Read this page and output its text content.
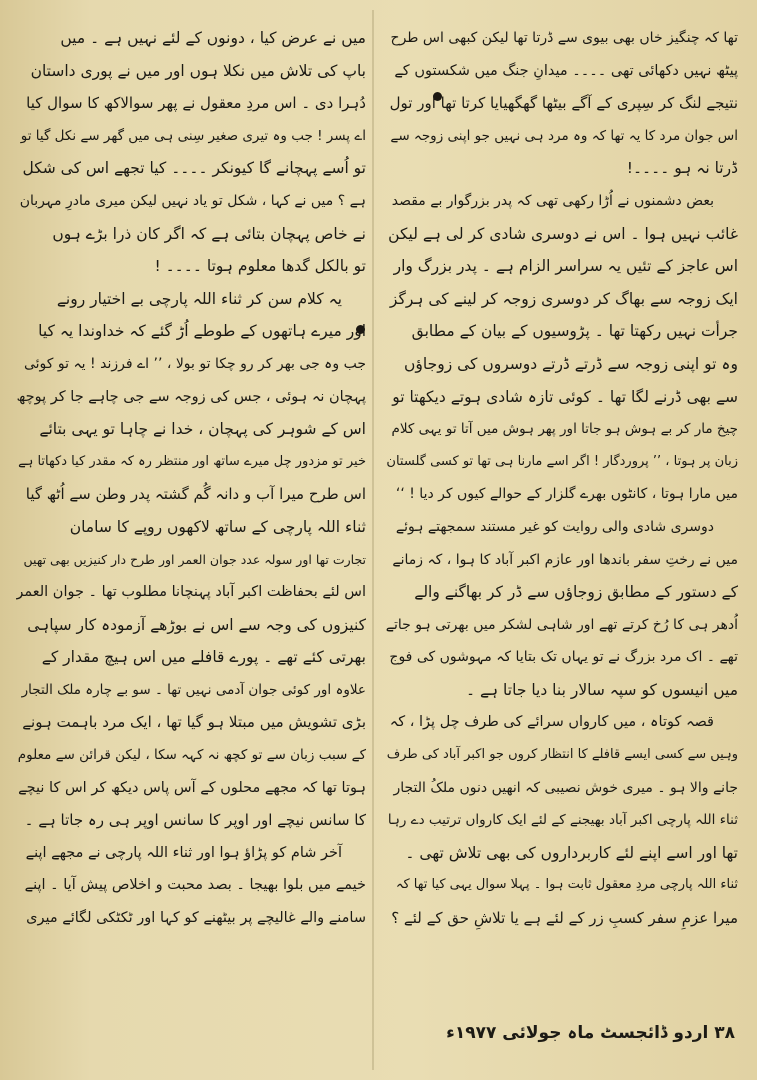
تھا کہ چنگیز خاں بھی بیوی سے ڈرتا تھا لیکن کبھی اس طرح
پیٹھ نہیں دکھائی تھی ۔۔۔۔ میدانِ جنگ میں شکستوں کے
نتیجے لنگ کر سِپری کے آگے بیٹھا گھگھیایا کرتا تھا اور تول
اس جوان مرد کا یہ تھا کہ وہ مرد ہی نہیں جو اپنی زوجہ سے
ڈرتا نہ ہو ۔۔۔۔!
بعض دشمنوں نے اُڑا رکھی تھی کہ پدر بزرگوار بے مقصد
غائب نہیں ہوا ۔ اس نے دوسری شادی کر لی ہے لیکن
اس عاجز کے تئیں یہ سراسر الزام ہے ۔ پدر بزرگ وار
ایک زوجہ سے بھاگ کر دوسری زوجہ کر لینے کی ہرگز
جرأت نہیں رکھتا تھا ۔ پڑوسیوں کے بیان کے مطابق
وہ تو اپنی زوجہ سے ڈرتے ڈرتے دوسروں کی زوجاؤں
سے بھی ڈرنے لگا تھا ۔ کوئی تازہ شادی ہوتے دیکھتا تو
چیخ مار کر بے ہوش ہو جاتا اور پھر ہوش میں آتا تو یہی کلام
زبان پر ہوتا ، ’’ پروردگار ! اگر اسے مارنا ہی تھا تو کسی گلستان
میں مارا ہوتا ، کانٹوں بھرے گلزار کے حوالے کیوں کر دیا ! ‘‘
دوسری شادی والی روایت کو غیر مستند سمجھتے ہوئے
میں نے رختِ سفر باندھا اور عازم اکبر آباد کا ہوا ، کہ زمانے
کے دستور کے مطابق زوجاؤں سے ڈر کر بھاگنے والے
اُدھر ہی کا رُخ کرتے تھے اور شاہی لشکر میں بھرتی ہو جاتے
تھے ۔ اک مرد بزرگ نے تو یہاں تک بتایا کہ مہوشوں کی فوج
میں انیسوں کو سپہ سالار بنا دیا جاتا ہے ۔
قصہ کوتاہ ، میں کارواں سرائے کی طرف چل پڑا ، کہ
وہیں سے کسی ایسے قافلے کا انتظار کروں جو اکبر آباد کی طرف
جانے والا ہو ۔ میری خوش نصیبی کہ انھیں دنوں ملکُ التجار
ثناء اللہ پارچی اکبر آباد بھیجنے کے لئے ایک کارواں ترتیب دے رہا
تھا اور اسے اپنے لئے کاربرداروں کی بھی تلاش تھی ۔
ثناء اللہ پارچی مردِ معقول ثابت ہوا ۔ پہلا سوال یہی کیا تھا کہ
میرا عزمِ سفر کسبِ زر کے لئے ہے یا تلاشِ حق کے لئے ؟
میں نے عرض کیا ، دونوں کے لئے نہیں ہے ۔ میں
باپ کی تلاش میں نکلا ہوں اور میں نے پوری داستان
دُہرا دی ۔ اس مردِ معقول نے پھر سوالاکھ کا سوال کیا
اے پسر ! جب وہ تیری صغیر سِنی ہی میں گھر سے نکل گیا تو
تو اُسے پہچانے گا کیونکر ۔۔۔۔ کیا تجھے اس کی شکل
ہے ؟ میں نے کہا ، شکل تو یاد نہیں لیکن میری مادرِ مہربان
نے خاص پہچان بتائی ہے کہ اگر کان ذرا بڑے ہوں
تو بالکل گدھا معلوم ہوتا ۔۔۔۔ !
یہ کلام سن کر ثناء اللہ پارچی بے اختیار رونے
اور میرے ہاتھوں کے طوطے اُڑ گئے کہ خداوندا یہ کیا
جب وہ جی بھر کر رو چکا تو بولا ، ’’ اے فرزند ! یہ تو کوئی
پہچان نہ ہوئی ، جس کی زوجہ سے جی چاہے جا کر پوچھ
اس کے شوہر کی پہچان ، خدا نے چاہا تو یہی بتائے
خیر تو مزدور چل میرے ساتھ اور منتظر رہ کہ مقدر کیا دکھاتا ہے
اس طرح میرا آب و دانہ گُم گشتہ پدر وطن سے اُٹھ گیا
ثناء اللہ پارچی کے ساتھ لاکھوں روپے کا سامان
تجارت تھا اور سولہ عدد جوان العمر اور طرح دار کنیزیں بھی تھیں
اس لئے بحفاظت اکبر آباد پہنچانا مطلوب تھا ۔ جوان العمر
کنیزوں کی وجہ سے اس نے بوڑھے آزمودہ کار سپاہی
بھرتی کئے تھے ۔ پورے قافلے میں اس ہیچ مقدار کے
علاوہ اور کوئی جوان آدمی نہیں تھا ۔ سو بے چارہ ملک التجار
بڑی تشویش میں مبتلا ہو گیا تھا ، ایک مرد باہمت ہونے
کے سبب زبان سے تو کچھ نہ کہہ سکا ، لیکن قرائن سے معلوم
ہوتا تھا کہ مجھے محلوں کے آس پاس دیکھ کر اس کا نیچے
کا سانس نیچے اور اوپر کا سانس اوپر ہی رہ جاتا ہے ۔
آخر شام کو پڑاؤ ہوا اور ثناء اللہ پارچی نے مجھے اپنے
خیمے میں بلوا بھیجا ۔ بصد محبت و اخلاص پیش آیا ۔ اپنے
سامنے والے غالیچے پر بیٹھنے کو کہا اور ٹکٹکی لگائے میری
۳۸ اردو ڈائجسٹ ماہ جولائی ۱۹۷۷ء
